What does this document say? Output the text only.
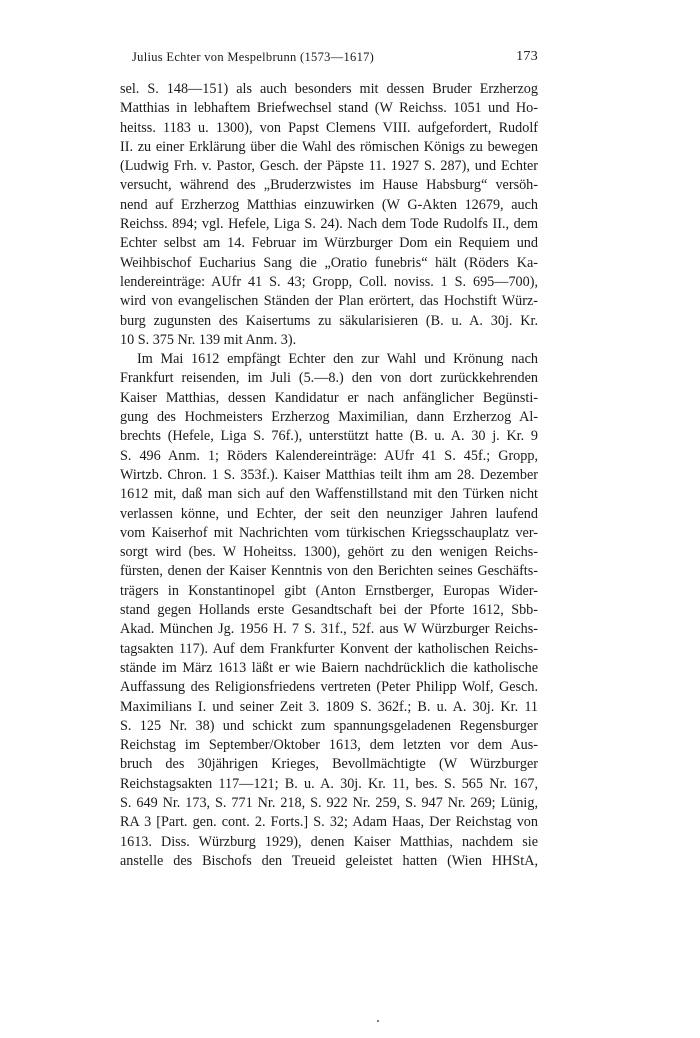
Julius Echter von Mespelbrunn (1573—1617)	173
sel. S. 148—151) als auch besonders mit dessen Bruder Erzherzog
Matthias in lebhaftem Briefwechsel stand (W Reichss. 1051 und Ho-
heitss. 1183 u. 1300), von Papst Clemens VIII. aufgefordert, Rudolf
II. zu einer Erklärung über die Wahl des römischen Königs zu bewegen
(Ludwig Frh. v. Pastor, Gesch. der Päpste 11. 1927 S. 287), und Echter
versucht, während des „Bruderzwistes im Hause Habsburg“ versöh-
nend auf Erzherzog Matthias einzuwirken (W G-Akten 12679, auch
Reichss. 894; vgl. Hefele, Liga S. 24). Nach dem Tode Rudolfs II., dem
Echter selbst am 14. Februar im Würzburger Dom ein Requiem und
Weihbischof Eucharius Sang die „Oratio funebris“ hält (Röders Ka-
lendereinträge: AUfr 41 S. 43; Gropp, Coll. noviss. 1 S. 695—700),
wird von evangelischen Ständen der Plan erörtert, das Hochstift Würz-
burg zugunsten des Kaisertums zu säkularisieren (B. u. A. 30j. Kr.
10 S. 375 Nr. 139 mit Anm. 3).
Im Mai 1612 empfängt Echter den zur Wahl und Krönung nach
Frankfurt reisenden, im Juli (5.—8.) den von dort zurückkehrenden
Kaiser Matthias, dessen Kandidatur er nach anfänglicher Begünsti-
gung des Hochmeisters Erzherzog Maximilian, dann Erzherzog Al-
brechts (Hefele, Liga S. 76f.), unterstützt hatte (B. u. A. 30 j. Kr. 9
S. 496 Anm. 1; Röders Kalendereinträge: AUfr 41 S. 45f.; Gropp,
Wirtzb. Chron. 1 S. 353f.). Kaiser Matthias teilt ihm am 28. Dezember
1612 mit, daß man sich auf den Waffenstillstand mit den Türken nicht
verlassen könne, und Echter, der seit den neunziger Jahren laufend
vom Kaiserhof mit Nachrichten vom türkischen Kriegsschauplatz ver-
sorgt wird (bes. W Hoheitss. 1300), gehört zu den wenigen Reichs-
fürsten, denen der Kaiser Kenntnis von den Berichten seines Geschäfts-
trägers in Konstantinopel gibt (Anton Ernstberger, Europas Wider-
stand gegen Hollands erste Gesandtschaft bei der Pforte 1612, Sbb-
Akad. München Jg. 1956 H. 7 S. 31f., 52f. aus W Würzburger Reichs-
tagsakten 117). Auf dem Frankfurter Konvent der katholischen Reichs-
stände im März 1613 läßt er wie Baiern nachdrücklich die katholische
Auffassung des Religionsfriedens vertreten (Peter Philipp Wolf, Gesch.
Maximilians I. und seiner Zeit 3. 1809 S. 362f.; B. u. A. 30j. Kr. 11
S. 125 Nr. 38) und schickt zum spannungsgeladenen Regensburger
Reichstag im September/Oktober 1613, dem letzten vor dem Aus-
bruch des 30jährigen Krieges, Bevollmächtigte (W Würzburger
Reichstagsakten 117—121; B. u. A. 30j. Kr. 11, bes. S. 565 Nr. 167,
S. 649 Nr. 173, S. 771 Nr. 218, S. 922 Nr. 259, S. 947 Nr. 269; Lünig,
RA 3 [Part. gen. cont. 2. Forts.] S. 32; Adam Haas, Der Reichstag von
1613. Diss. Würzburg 1929), denen Kaiser Matthias, nachdem sie
anstelle des Bischofs den Treueid geleistet hatten (Wien HHStA,
